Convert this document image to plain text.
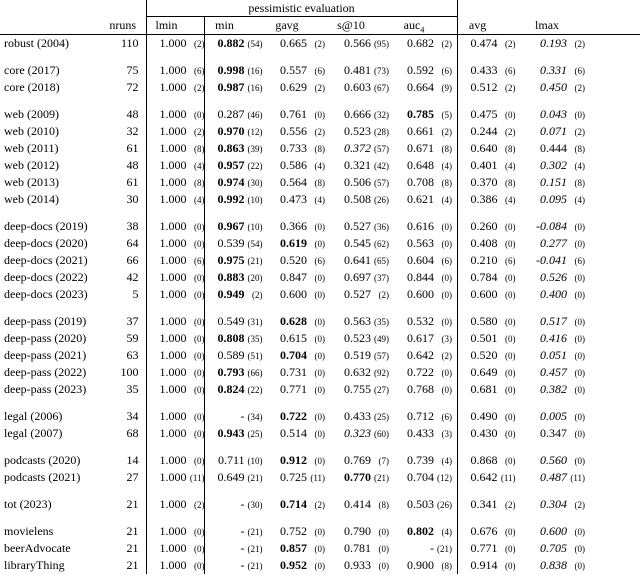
		pessimistic evaluation						
	nruns	lmin	min	gavg	s@10	auc$_4$	avg	lmax
robust (2004)	110	1.000 (2)	0.882 (54)	0.665 (2)	0.566 (95)	0.682 (2)	0.474 (2)	0.193 (2)

core (2017)	75	1.000 (6)	0.998 (16)	0.557 (6)	0.481 (73)	0.592 (6)	0.433 (6)	0.331 (6)
core (2018)	72	1.000 (2)	0.987 (16)	0.629 (2)	0.603 (67)	0.664 (9)	0.512 (2)	0.450 (2)

web (2009)	48	1.000 (0)	0.287 (46)	0.761 (0)	0.666 (32)	0.785 (5)	0.475 (0)	0.043 (0)
web (2010)	32	1.000 (2)	0.970 (12)	0.556 (2)	0.523 (28)	0.661 (2)	0.244 (2)	0.071 (2)
web (2011)	61	1.000 (8)	0.863 (39)	0.733 (8)	0.372 (57)	0.671 (8)	0.640 (8)	0.444 (8)
web (2012)	48	1.000 (4)	0.957 (22)	0.586 (4)	0.321 (42)	0.648 (4)	0.401 (4)	0.302 (4)
web (2013)	61	1.000 (8)	0.974 (30)	0.564 (8)	0.506 (57)	0.708 (8)	0.370 (8)	0.151 (8)
web (2014)	30	1.000 (4)	0.992 (10)	0.473 (4)	0.508 (26)	0.621 (4)	0.386 (4)	0.095 (4)

deep-docs (2019)	38	1.000 (0)	0.967 (10)	0.366 (0)	0.527 (36)	0.616 (0)	0.260 (0)	-0.084 (0)
deep-docs (2020)	64	1.000 (0)	0.539 (54)	0.619 (0)	0.545 (62)	0.563 (0)	0.408 (0)	0.277 (0)
deep-docs (2021)	66	1.000 (6)	0.975 (21)	0.520 (6)	0.641 (65)	0.604 (6)	0.210 (6)	-0.041 (6)
deep-docs (2022)	42	1.000 (0)	0.883 (20)	0.847 (0)	0.697 (37)	0.844 (0)	0.784 (0)	0.526 (0)
deep-docs (2023)	5	1.000 (0)	0.949 (2)	0.600 (0)	0.527 (2)	0.600 (0)	0.600 (0)	0.400 (0)

deep-pass (2019)	37	1.000 (0)	0.549 (31)	0.628 (0)	0.563 (35)	0.532 (0)	0.580 (0)	0.517 (0)
deep-pass (2020)	59	1.000 (0)	0.808 (35)	0.615 (0)	0.523 (49)	0.617 (3)	0.501 (0)	0.416 (0)
deep-pass (2021)	63	1.000 (0)	0.589 (51)	0.704 (0)	0.519 (57)	0.642 (2)	0.520 (0)	0.051 (0)
deep-pass (2022)	100	1.000 (0)	0.793 (66)	0.731 (0)	0.632 (92)	0.722 (0)	0.649 (0)	0.457 (0)
deep-pass (2023)	35	1.000 (0)	0.824 (22)	0.771 (0)	0.755 (27)	0.768 (0)	0.681 (0)	0.382 (0)

legal (2006)	34	1.000 (0)	- (34)	0.722 (0)	0.433 (25)	0.712 (6)	0.490 (0)	0.005 (0)
legal (2007)	68	1.000 (0)	0.943 (25)	0.514 (0)	0.323 (60)	0.433 (3)	0.430 (0)	0.347 (0)

podcasts (2020)	14	1.000 (0)	0.711 (10)	0.912 (0)	0.769 (7)	0.739 (4)	0.868 (0)	0.560 (0)
podcasts (2021)	27	1.000 (11)	0.649 (21)	0.725 (11)	0.770 (21)	0.704 (12)	0.642 (11)	0.487 (11)

tot (2023)	21	1.000 (2)	- (30)	0.714 (2)	0.414 (8)	0.503 (26)	0.341 (2)	0.304 (2)

movielens	21	1.000 (0)	- (21)	0.752 (0)	0.790 (0)	0.802 (4)	0.676 (0)	0.600 (0)
beerAdvocate	21	1.000 (0)	- (21)	0.857 (0)	0.781 (0)	- (21)	0.771 (0)	0.705 (0)
libraryThing	21	1.000 (0)	- (21)	0.952 (0)	0.933 (0)	0.900 (8)	0.914 (0)	0.838 (0)
